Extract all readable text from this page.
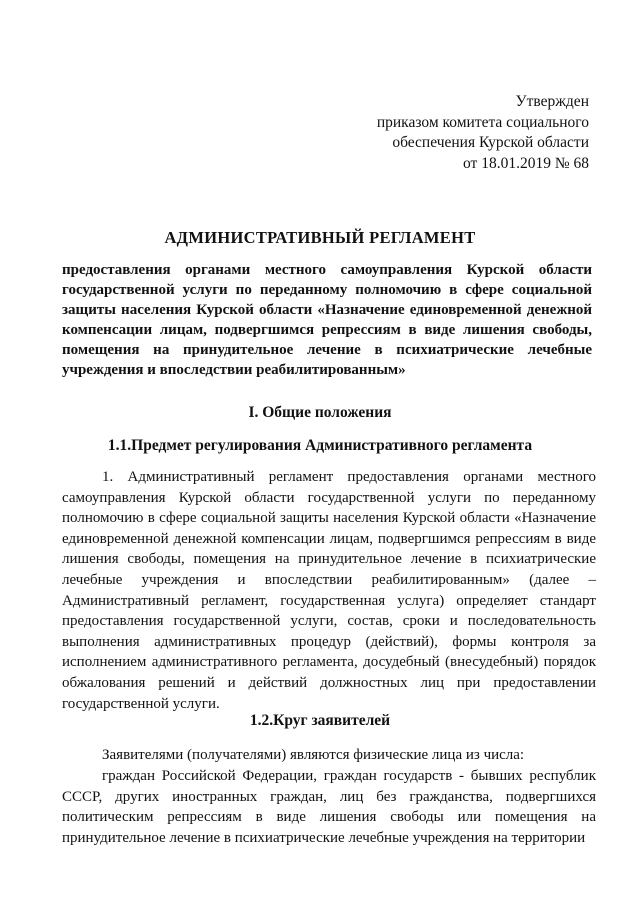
Утвержден
приказом комитета социального
обеспечения Курской области
от 18.01.2019 № 68
АДМИНИСТРАТИВНЫЙ РЕГЛАМЕНТ
предоставления органами местного самоуправления Курской области государственной услуги по переданному полномочию в сфере социальной защиты населения Курской области «Назначение единовременной денежной компенсации лицам, подвергшимся репрессиям в виде лишения свободы, помещения на принудительное лечение в психиатрические лечебные учреждения и впоследствии реабилитированным»
I. Общие положения
1.1.Предмет регулирования Административного регламента
1. Административный регламент предоставления органами местного самоуправления Курской области государственной услуги по переданному полномочию в сфере социальной защиты населения Курской области «Назначение единовременной денежной компенсации лицам, подвергшимся репрессиям в виде лишения свободы, помещения на принудительное лечение в психиатрические лечебные учреждения и впоследствии реабилитированным» (далее – Административный регламент, государственная услуга) определяет стандарт предоставления государственной услуги, состав, сроки и последовательность выполнения административных процедур (действий), формы контроля за исполнением административного регламента, досудебный (внесудебный) порядок обжалования решений и действий должностных лиц при предоставлении государственной услуги.
1.2.Круг заявителей
Заявителями (получателями) являются физические лица из числа:
граждан Российской Федерации, граждан государств - бывших республик СССР, других иностранных граждан, лиц без гражданства, подвергшихся политическим репрессиям в виде лишения свободы или помещения на принудительное лечение в психиатрические лечебные учреждения на территории
